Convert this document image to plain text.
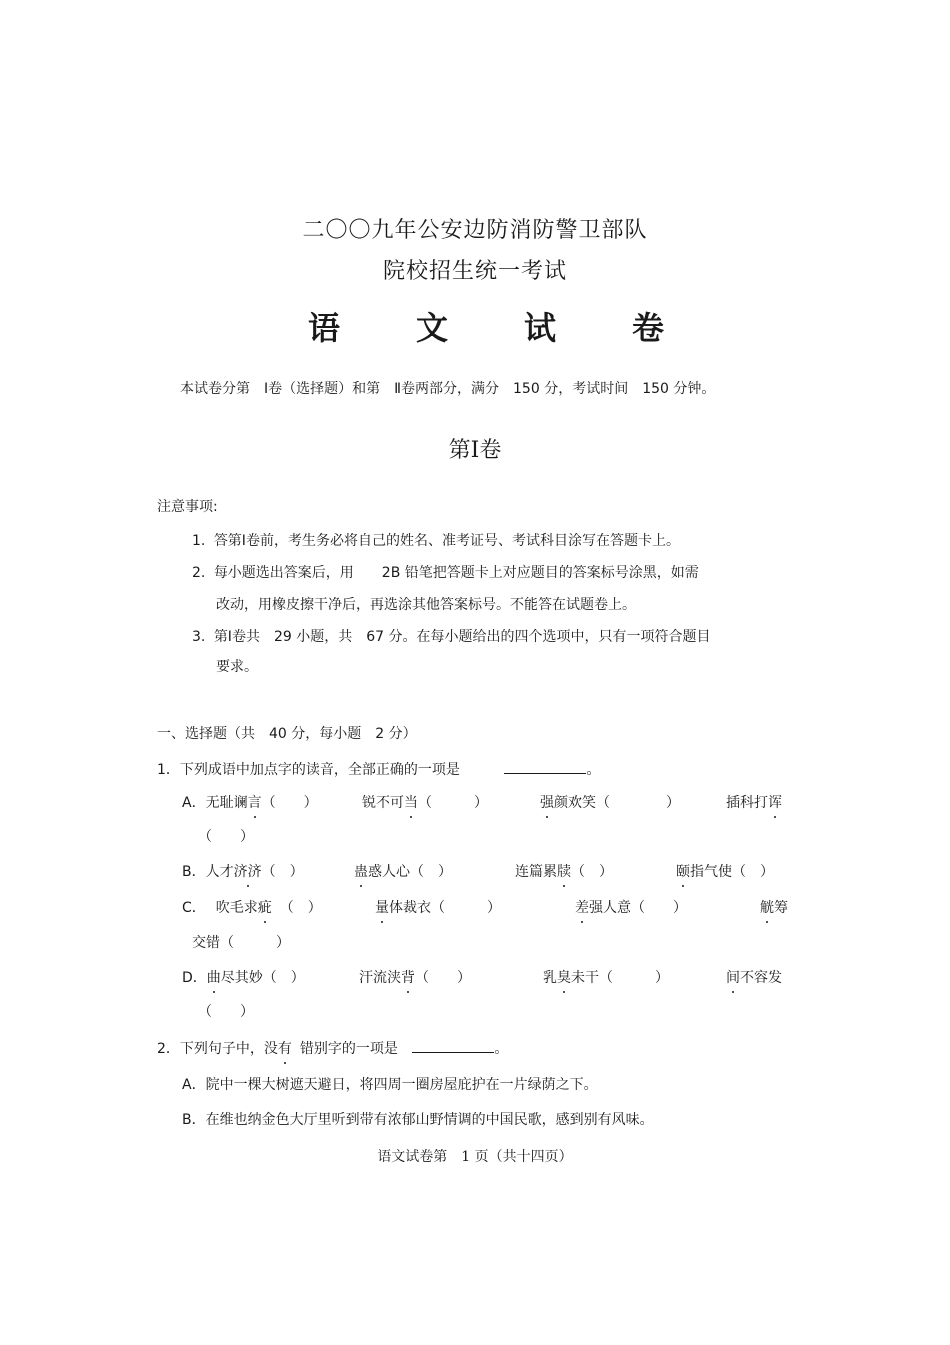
二〇〇九年公安边防消防警卫部队
院校招生统一考试
语　文　试　卷
本试卷分第　Ⅰ卷（选择题）和第　Ⅱ卷两部分，满分　150 分，考试时间　150 分钟。
第Ⅰ卷
注意事项:
1. 答第Ⅰ卷前，考生务必将自己的姓名、准考证号、考试科目涂写在答题卡上。
2. 每小题选出答案后，用　　2B 铅笔把答题卡上对应题目的答案标号涂黑，如需
改动，用橡皮擦干净后，再选涂其他答案标号。不能答在试题卷上。
3. 第Ⅰ卷共　29 小题，共　67 分。在每小题给出的四个选项中，只有一项符合题目
要求。
一、选择题（共　40 分，每小题　2 分）
1．下列成语中加点字的读音，全部正确的一项是	。
A．无耻谰言（　　）	锐不可当（　　　）	强颜欢笑（　　　　）	插科打诨
（　　）
B．人才济济（　）	蛊惑人心（　）	连篇累牍（　）	颐指气使（　）
C． 吹毛求疵 （　）	量体裁衣（　　　）	差强人意（　　）	觥筹
交错（　　　）
D．曲尽其妙（　）	汗流浃背（　　）	乳臭未干（　　　）	间不容发
（　　）
2．下列句子中，没有 错别字的一项是	。
A．院中一棵大树遮天避日，将四周一圈房屋庇护在一片绿荫之下。
B．在维也纳金色大厅里听到带有浓郁山野情调的中国民歌，感到别有风味。
语文试卷第　1 页（共十四页）
